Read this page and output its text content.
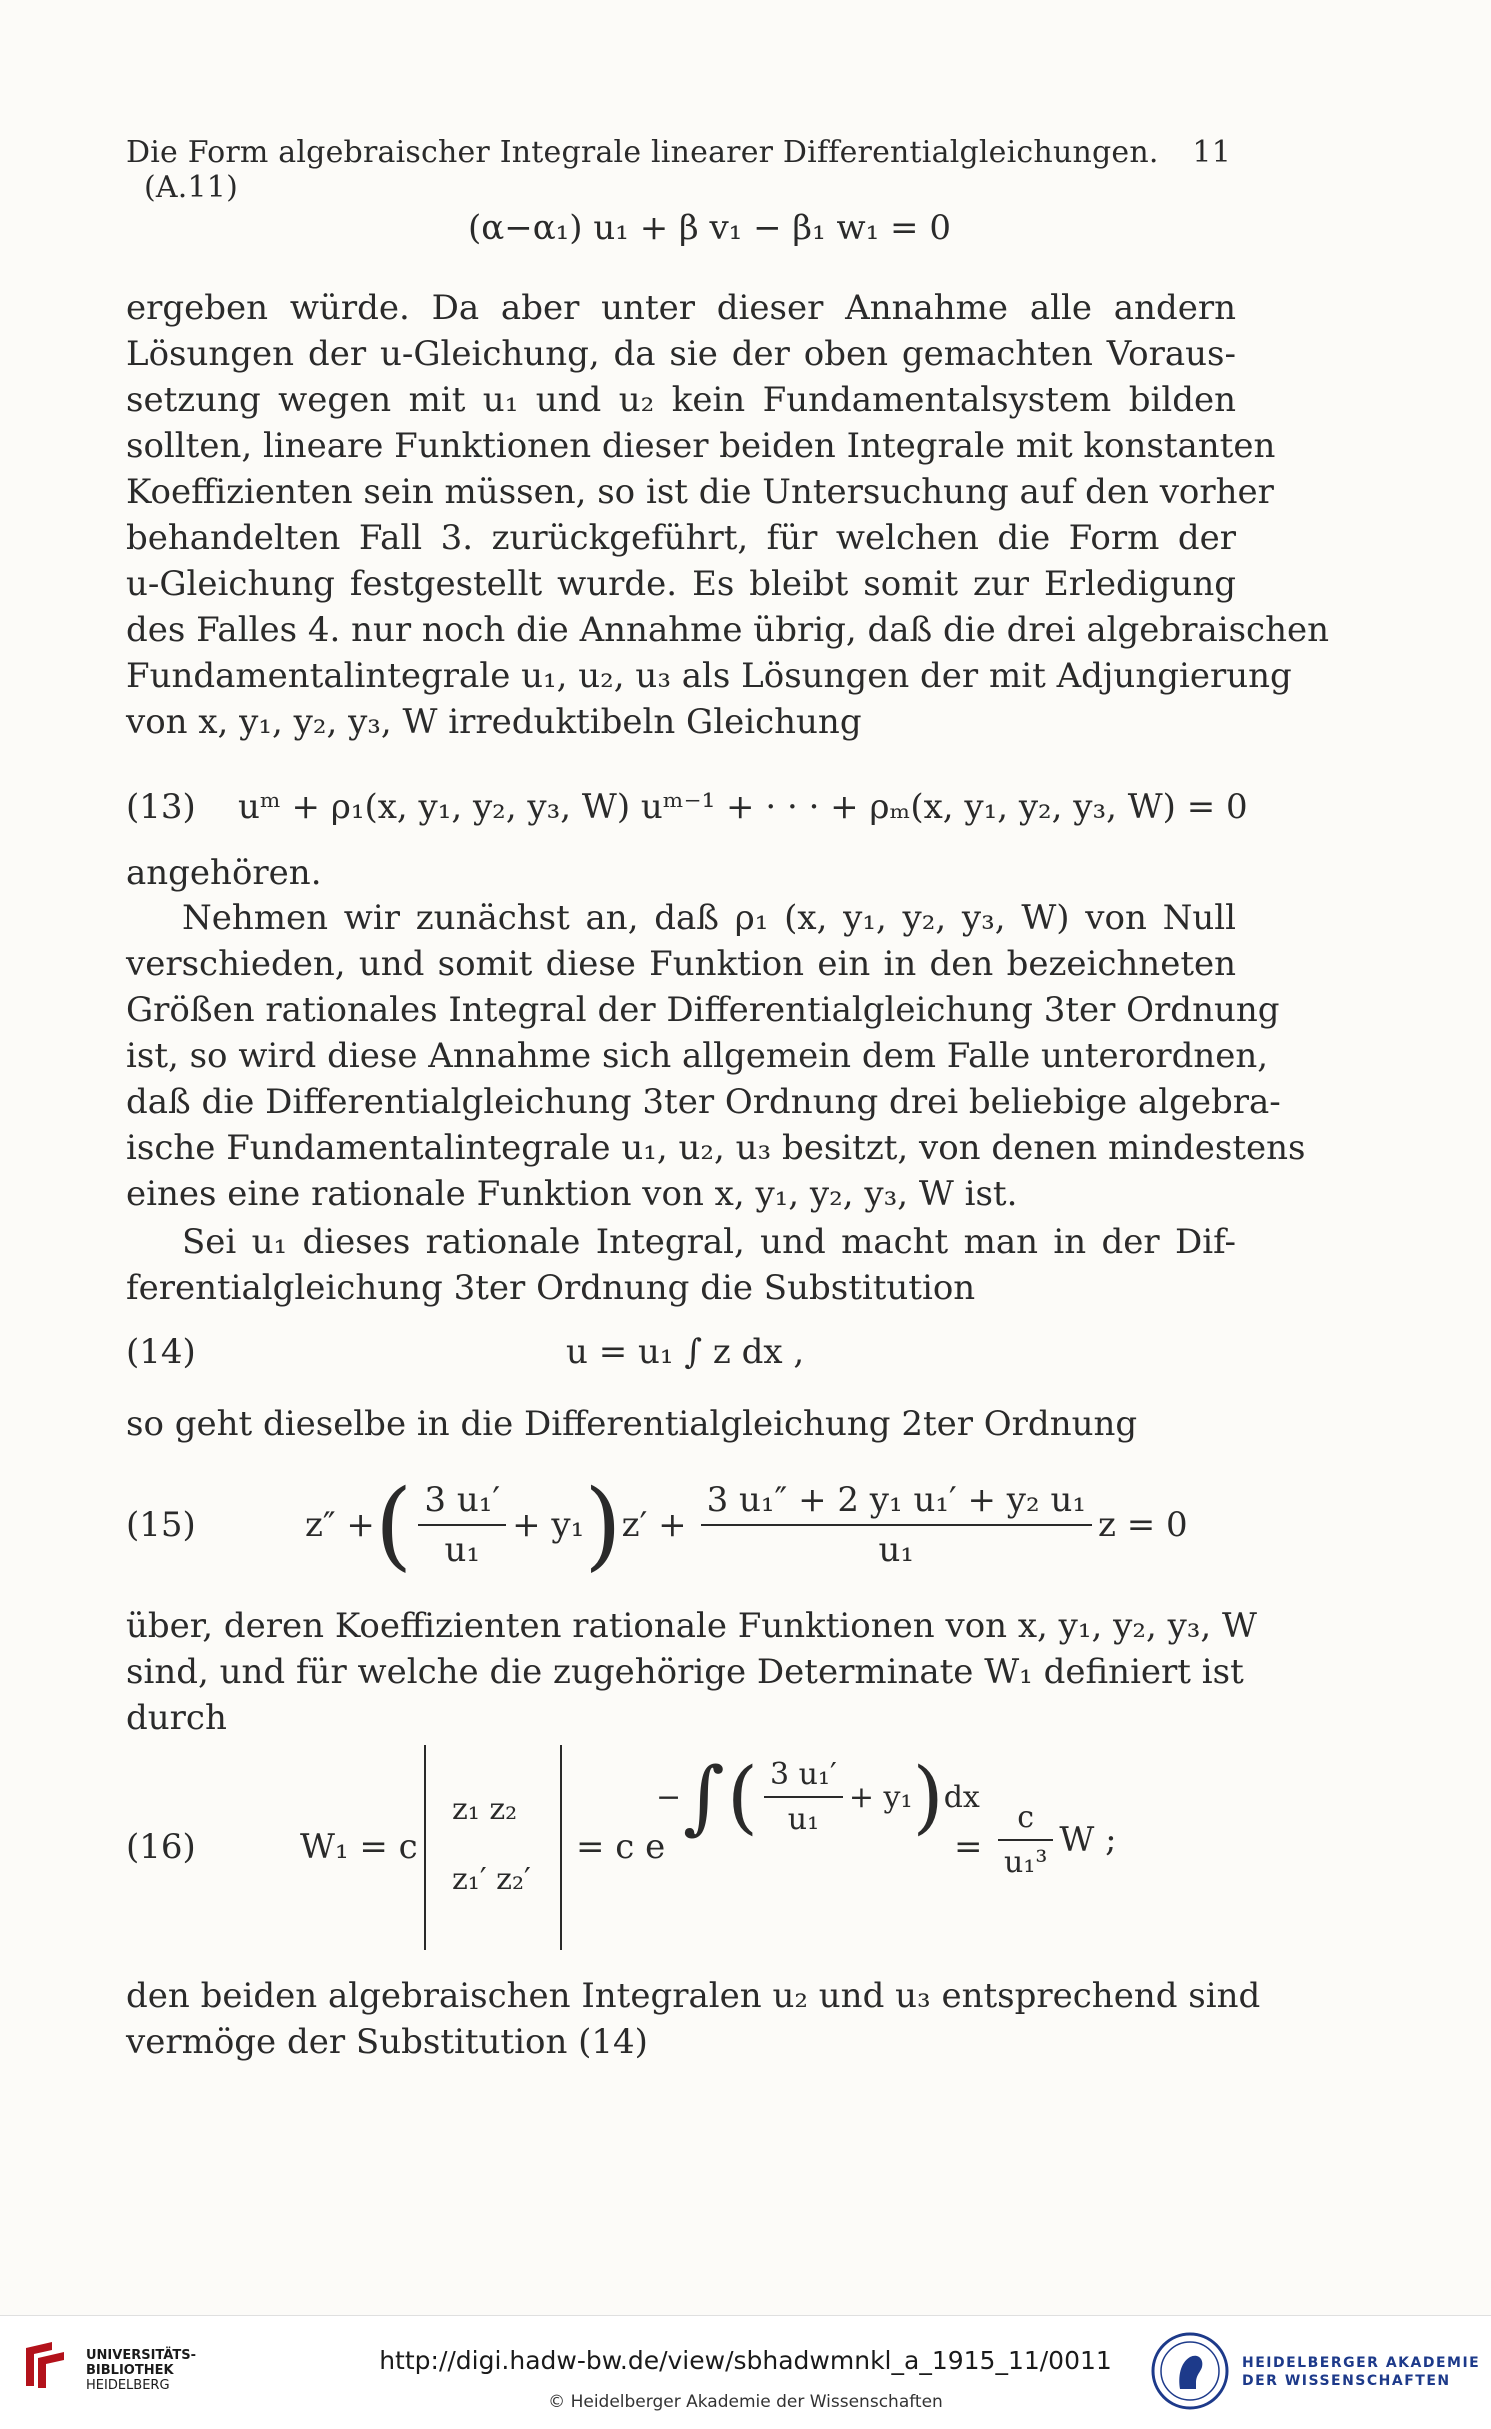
Die Form algebraischer Integrale linearer Differentialgleichungen. (A.11)
11
(α−α₁) u₁ + β v₁ − β₁ w₁ = 0
ergeben würde. Da aber unter dieser Annahme alle andern
Lösungen der u-Gleichung, da sie der oben gemachten Voraus-
setzung wegen mit u₁ und u₂ kein Fundamentalsystem bilden
sollten, lineare Funktionen dieser beiden Integrale mit konstanten
Koeffizienten sein müssen, so ist die Untersuchung auf den vorher
behandelten Fall 3. zurückgeführt, für welchen die Form der
u-Gleichung festgestellt wurde. Es bleibt somit zur Erledigung
des Falles 4. nur noch die Annahme übrig, daß die drei algebraischen
Fundamentalintegrale u₁, u₂, u₃ als Lösungen der mit Adjungierung
von x, y₁, y₂, y₃, W irreduktibeln Gleichung
(13) uᵐ + ρ₁(x, y₁, y₂, y₃, W) uᵐ⁻¹ + · · · + ρₘ(x, y₁, y₂, y₃, W) = 0
angehören.
Nehmen wir zunächst an, daß ρ₁ (x, y₁, y₂, y₃, W) von Null
verschieden, und somit diese Funktion ein in den bezeichneten
Größen rationales Integral der Differentialgleichung 3ter Ordnung
ist, so wird diese Annahme sich allgemein dem Falle unterordnen,
daß die Differentialgleichung 3ter Ordnung drei beliebige algebra-
ische Fundamentalintegrale u₁, u₂, u₃ besitzt, von denen mindestens
eines eine rationale Funktion von x, y₁, y₂, y₃, W ist.
Sei u₁ dieses rationale Integral, und macht man in der Dif-
ferentialgleichung 3ter Ordnung die Substitution
(14)	u = u₁ ∫ z dx ,
so geht dieselbe in die Differentialgleichung 2ter Ordnung
(15)	z″ + ( $\frac{\text{3 u₁′}}{\text{u₁}} + y_1$ ) $z' + \frac{\text{3 u₁″ + 2 y₁ u₁′ + y₂ u₁}}{\text{u₁}}$ z = 0
über, deren Koeffizienten rationale Funktionen von x, y₁, y₂, y₃, W
sind, und für welche die zugehörige Determinate W₁ definiert ist
durch
(16)	W₁ = c
z₁ z₂
z₁′ z₂′
= c e
− ∫ ( $\frac{\text{3 u₁′}}{\text{u₁}} + y_1$ ) dx
= $\frac{c}{\text{u₁³}}$ W ;
den beiden algebraischen Integralen u₂ und u₃ entsprechend sind
vermöge der Substitution (14)
UNIVERSITÄTS-
BIBLIOTHEK
HEIDELBERG
http://digi.hadw-bw.de/view/sbhadwmnkl_a_1915_11/0011
© Heidelberger Akademie der Wissenschaften
HEIDELBERGER AKADEMIE
DER WISSENSCHAFTEN
